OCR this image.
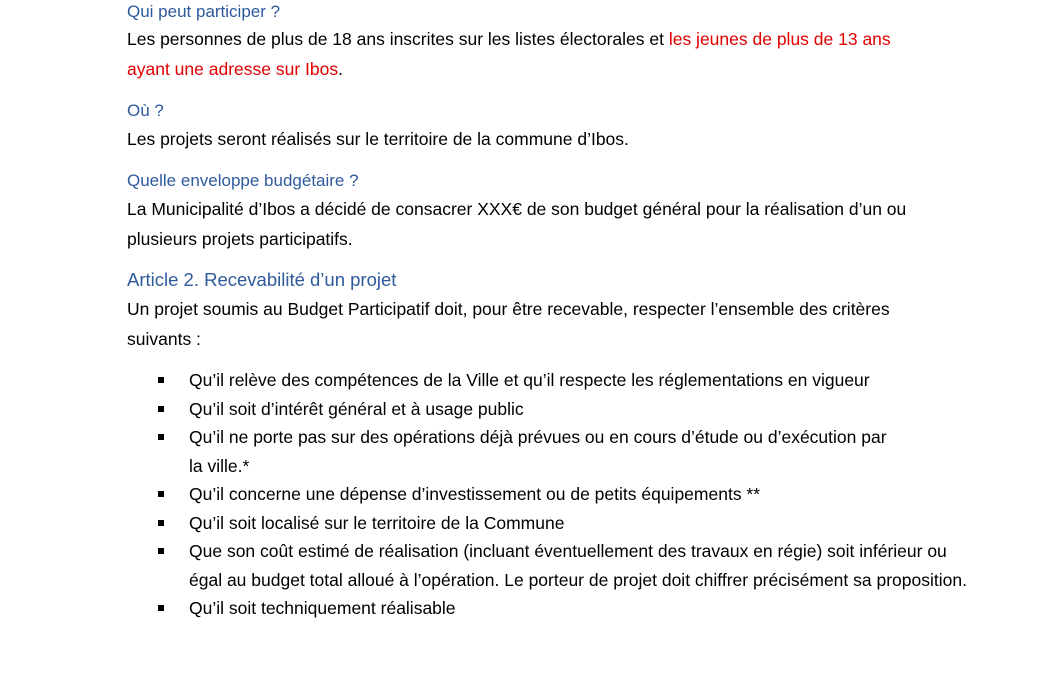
Qui peut participer ?

Les personnes de plus de 18 ans inscrites sur les listes électorales et les jeunes de plus de 13 ans ayant une adresse sur Ibos.

Où ?

Les projets seront réalisés sur le territoire de la commune d’Ibos.

Quelle enveloppe budgétaire ?

La Municipalité d’Ibos a décidé de consacrer XXX€ de son budget général pour la réalisation d’un ou plusieurs projets participatifs.

Article 2. Recevabilité d’un projet

Un projet soumis au Budget Participatif doit, pour être recevable, respecter l’ensemble des critères suivants :

Qu’il relève des compétences de la Ville et qu’il respecte les réglementations en vigueur
Qu’il soit d’intérêt général et à usage public
Qu’il ne porte pas sur des opérations déjà prévues ou en cours d’étude ou d’exécution par la ville.*
Qu’il concerne une dépense d’investissement ou de petits équipements **
Qu’il soit localisé sur le territoire de la Commune
Que son coût estimé de réalisation (incluant éventuellement des travaux en régie) soit inférieur ou égal au budget total alloué à l’opération. Le porteur de projet doit chiffrer précisément sa proposition.
Qu’il soit techniquement réalisable
